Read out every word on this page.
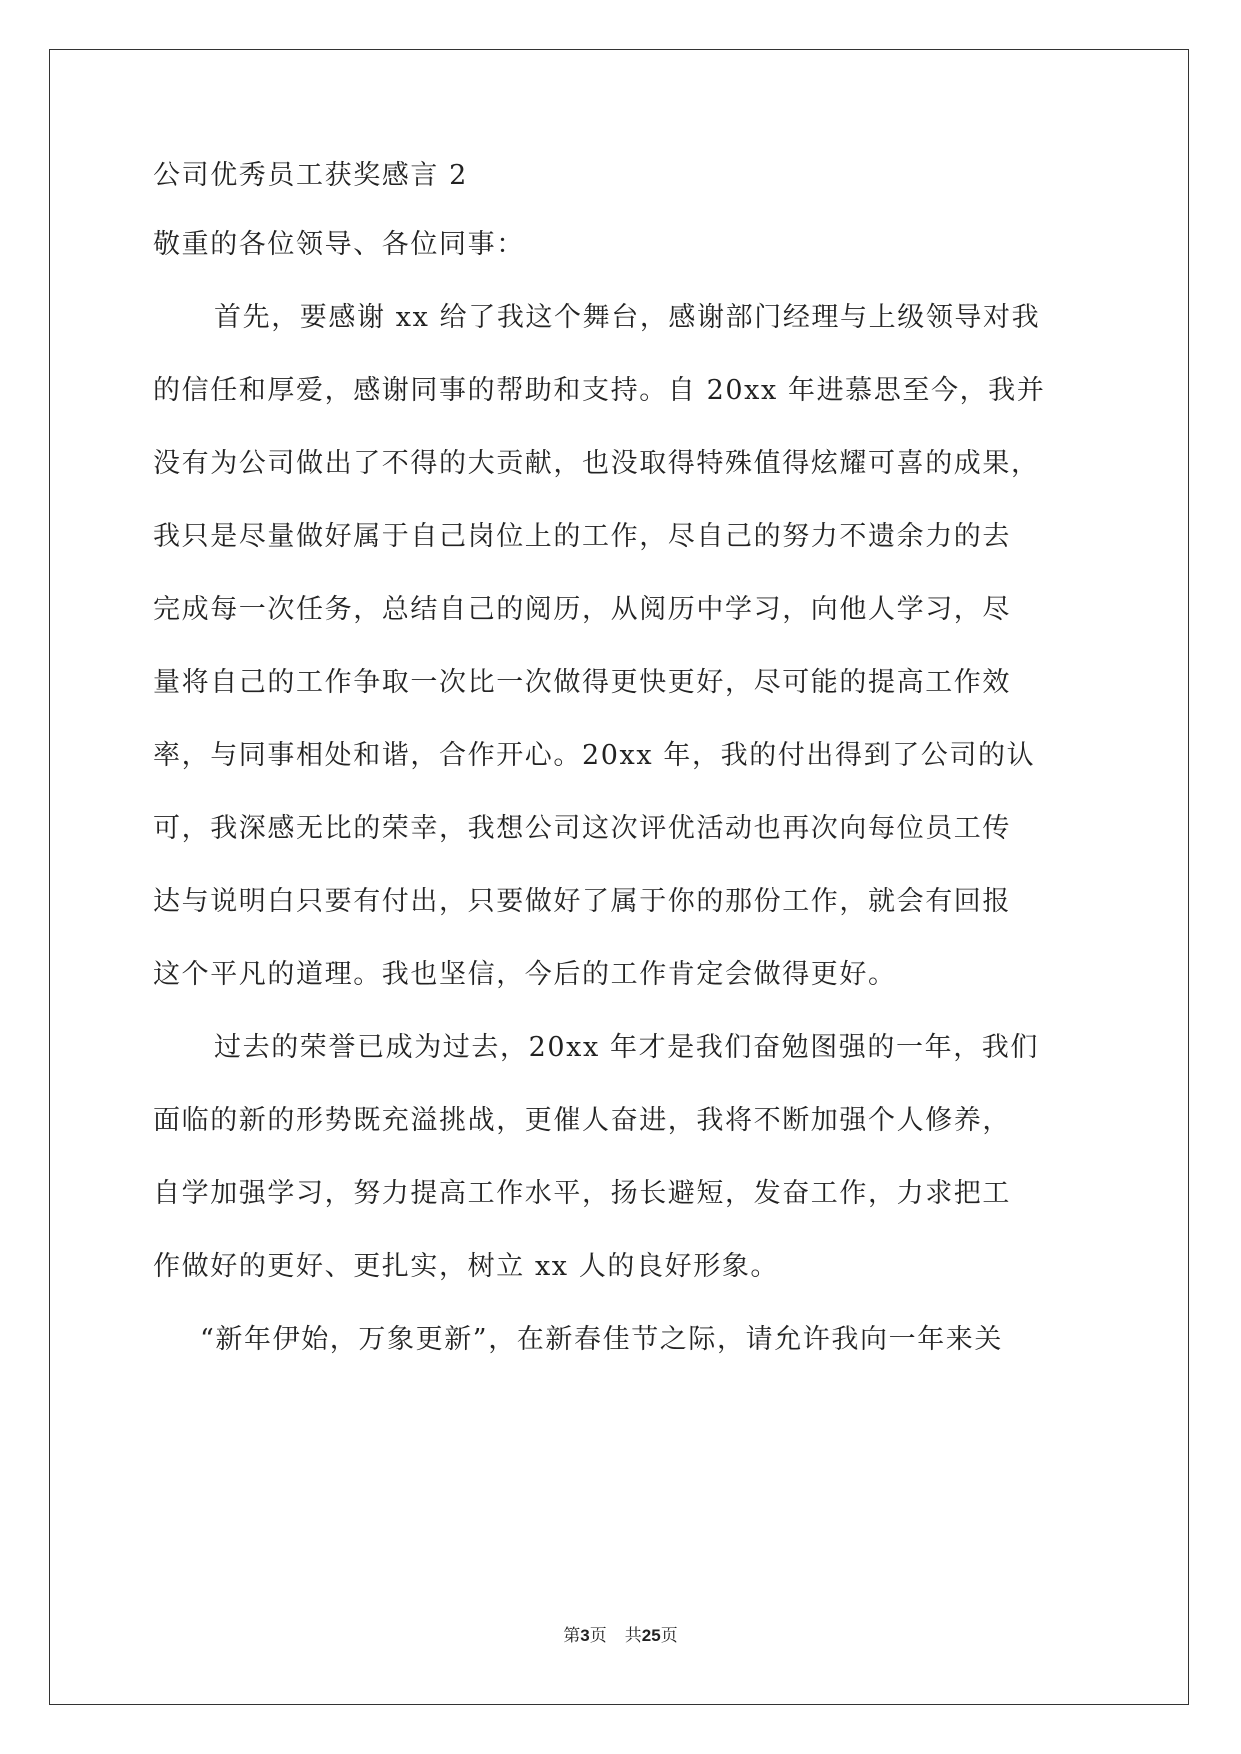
公司优秀员工获奖感言 2
敬重的各位领导、各位同事：
首先，要感谢 xx 给了我这个舞台，感谢部门经理与上级领导对我
的信任和厚爱，感谢同事的帮助和支持。自 20xx 年进慕思至今，我并
没有为公司做出了不得的大贡献，也没取得特殊值得炫耀可喜的成果，
我只是尽量做好属于自己岗位上的工作，尽自己的努力不遗余力的去
完成每一次任务，总结自己的阅历，从阅历中学习，向他人学习，尽
量将自己的工作争取一次比一次做得更快更好，尽可能的提高工作效
率，与同事相处和谐，合作开心。20xx 年，我的付出得到了公司的认
可，我深感无比的荣幸，我想公司这次评优活动也再次向每位员工传
达与说明白只要有付出，只要做好了属于你的那份工作，就会有回报
这个平凡的道理。我也坚信，今后的工作肯定会做得更好。
过去的荣誉已成为过去，20xx 年才是我们奋勉图强的一年，我们
面临的新的形势既充溢挑战，更催人奋进，我将不断加强个人修养，
自学加强学习，努力提高工作水平，扬长避短，发奋工作，力求把工
作做好的更好、更扎实，树立 xx 人的良好形象。
“新年伊始，万象更新”，在新春佳节之际，请允许我向一年来关
第3页 共25页
